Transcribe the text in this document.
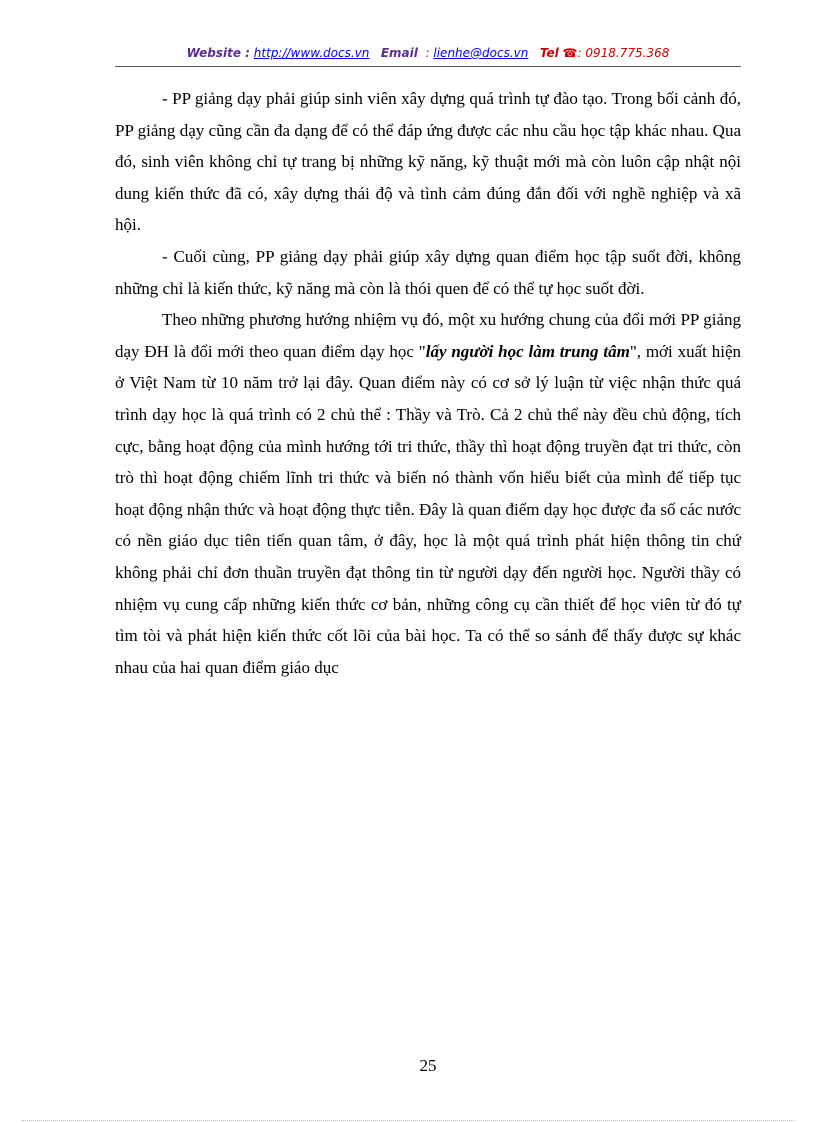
Website : http://www.docs.vn Email : lienhe@docs.vn Tel ☎: 0918.775.368

- PP giảng dạy phải giúp sinh viên xây dựng quá trình tự đào tạo. Trong bối cảnh đó, PP giảng dạy cũng cần đa dạng để có thể đáp ứng được các nhu cầu học tập khác nhau. Qua đó, sinh viên không chỉ tự trang bị những kỹ năng, kỹ thuật mới mà còn luôn cập nhật nội dung kiến thức đã có, xây dựng thái độ và tình cảm đúng đắn đối với nghề nghiệp và xã hội.

- Cuối cùng, PP giảng dạy phải giúp xây dựng quan điểm học tập suốt đời, không những chỉ là kiến thức, kỹ năng mà còn là thói quen để có thể tự học suốt đời.

Theo những phương hướng nhiệm vụ đó, một xu hướng chung của đổi mới PP giảng dạy ĐH là đổi mới theo quan điểm dạy học "lấy người học làm trung tâm", mới xuất hiện ở Việt Nam từ 10 năm trở lại đây. Quan điểm này có cơ sở lý luận từ việc nhận thức quá trình dạy học là quá trình có 2 chủ thể : Thầy và Trò. Cả 2 chủ thể này đều chủ động, tích cực, bằng hoạt động của mình hướng tới tri thức, thầy thì hoạt động truyền đạt tri thức, còn trò thì hoạt động chiếm lĩnh tri thức và biến nó thành vốn hiểu biết của mình để tiếp tục hoạt động nhận thức và hoạt động thực tiễn. Đây là quan điểm dạy học được đa số các nước có nền giáo dục tiên tiến quan tâm, ở đây, học là một quá trình phát hiện thông tin chứ không phải chỉ đơn thuần truyền đạt thông tin từ người dạy đến người học. Người thầy có nhiệm vụ cung cấp những kiến thức cơ bản, những công cụ cần thiết để học viên từ đó tự tìm tòi và phát hiện kiến thức cốt lõi của bài học. Ta có thể so sánh để thấy được sự khác nhau của hai quan điểm giáo dục

25
